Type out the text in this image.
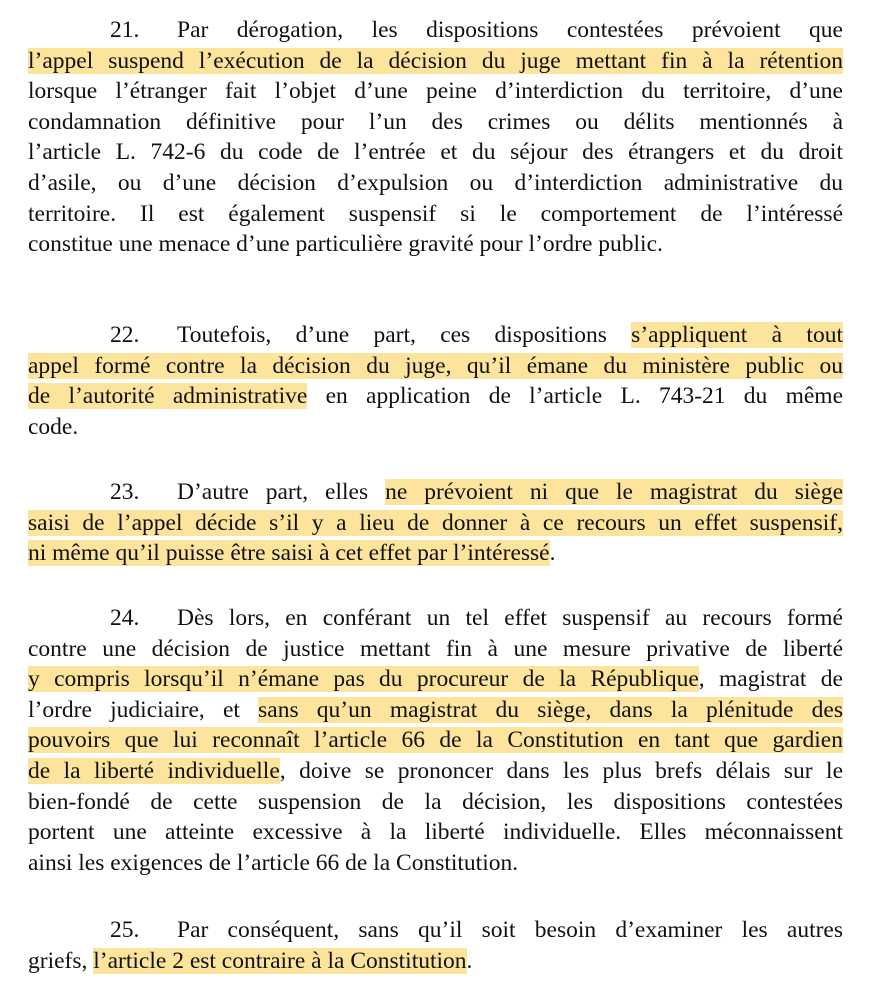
21. Par dérogation, les dispositions contestées prévoient que
l’appel suspend l’exécution de la décision du juge mettant fin à la rétention
lorsque l’étranger fait l’objet d’une peine d’interdiction du territoire, d’une
condamnation définitive pour l’un des crimes ou délits mentionnés à
l’article L. 742-6 du code de l’entrée et du séjour des étrangers et du droit
d’asile, ou d’une décision d’expulsion ou d’interdiction administrative du
territoire. Il est également suspensif si le comportement de l’intéressé
constitue une menace d’une particulière gravité pour l’ordre public.
22. Toutefois, d’une part, ces dispositions s’appliquent à tout
appel formé contre la décision du juge, qu’il émane du ministère public ou
de l’autorité administrative en application de l’article L. 743-21 du même
code.
23. D’autre part, elles ne prévoient ni que le magistrat du siège
saisi de l’appel décide s’il y a lieu de donner à ce recours un effet suspensif,
ni même qu’il puisse être saisi à cet effet par l’intéressé.
24. Dès lors, en conférant un tel effet suspensif au recours formé
contre une décision de justice mettant fin à une mesure privative de liberté
y compris lorsqu’il n’émane pas du procureur de la République, magistrat de
l’ordre judiciaire, et sans qu’un magistrat du siège, dans la plénitude des
pouvoirs que lui reconnaît l’article 66 de la Constitution en tant que gardien
de la liberté individuelle, doive se prononcer dans les plus brefs délais sur le
bien-fondé de cette suspension de la décision, les dispositions contestées
portent une atteinte excessive à la liberté individuelle. Elles méconnaissent
ainsi les exigences de l’article 66 de la Constitution.
25. Par conséquent, sans qu’il soit besoin d’examiner les autres
griefs, l’article 2 est contraire à la Constitution.
